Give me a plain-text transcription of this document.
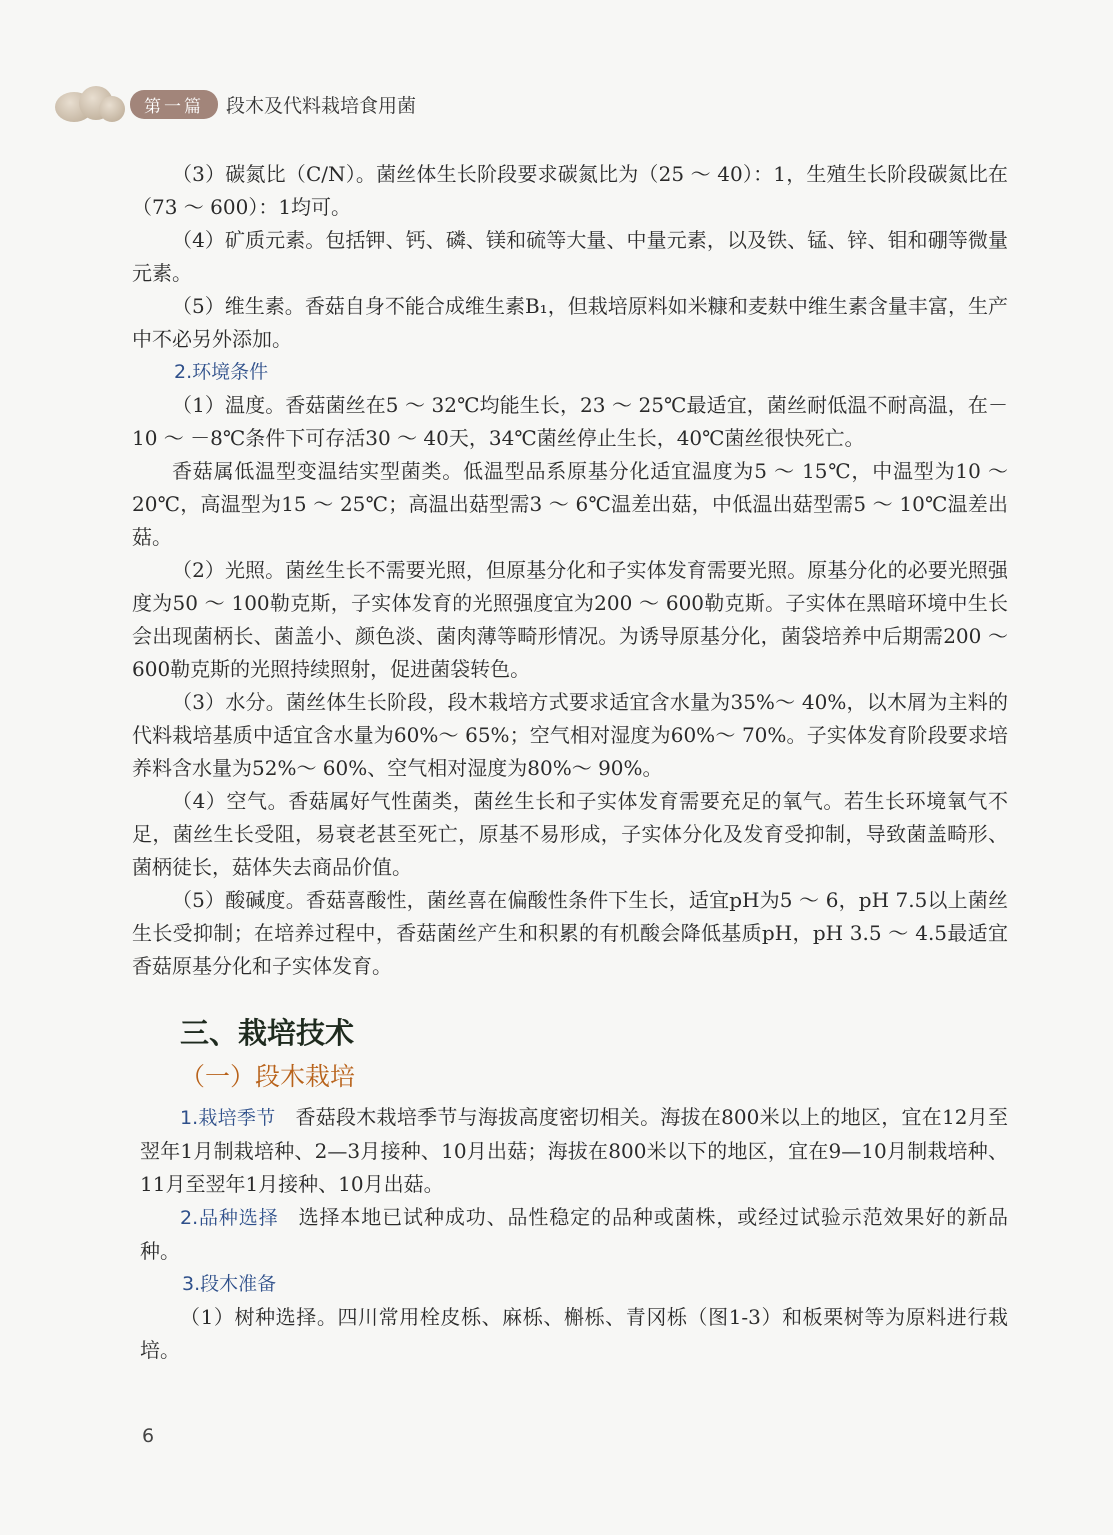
第一篇	段木及代料栽培食用菌

（3）碳氮比（C/N）。菌丝体生长阶段要求碳氮比为（25 ～ 40）：1，生殖生长阶段碳氮比在（73 ～ 600）：1均可。

（4）矿质元素。包括钾、钙、磷、镁和硫等大量、中量元素，以及铁、锰、锌、钼和硼等微量元素。

（5）维生素。香菇自身不能合成维生素B₁，但栽培原料如米糠和麦麸中维生素含量丰富，生产中不必另外添加。

2.环境条件

（1）温度。香菇菌丝在5 ～ 32℃均能生长，23 ～ 25℃最适宜，菌丝耐低温不耐高温，在－10 ～ －8℃条件下可存活30 ～ 40天，34℃菌丝停止生长，40℃菌丝很快死亡。

香菇属低温型变温结实型菌类。低温型品系原基分化适宜温度为5 ～ 15℃，中温型为10 ～ 20℃，高温型为15 ～ 25℃；高温出菇型需3 ～ 6℃温差出菇，中低温出菇型需5 ～ 10℃温差出菇。

（2）光照。菌丝生长不需要光照，但原基分化和子实体发育需要光照。原基分化的必要光照强度为50 ～ 100勒克斯，子实体发育的光照强度宜为200 ～ 600勒克斯。子实体在黑暗环境中生长会出现菌柄长、菌盖小、颜色淡、菌肉薄等畸形情况。为诱导原基分化，菌袋培养中后期需200 ～ 600勒克斯的光照持续照射，促进菌袋转色。

（3）水分。菌丝体生长阶段，段木栽培方式要求适宜含水量为35%～ 40%，以木屑为主料的代料栽培基质中适宜含水量为60%～ 65%；空气相对湿度为60%～ 70%。子实体发育阶段要求培养料含水量为52%～ 60%、空气相对湿度为80%～ 90%。

（4）空气。香菇属好气性菌类，菌丝生长和子实体发育需要充足的氧气。若生长环境氧气不足，菌丝生长受阻，易衰老甚至死亡，原基不易形成，子实体分化及发育受抑制，导致菌盖畸形、菌柄徒长，菇体失去商品价值。

（5）酸碱度。香菇喜酸性，菌丝喜在偏酸性条件下生长，适宜pH为5 ～ 6，pH 7.5以上菌丝生长受抑制；在培养过程中，香菇菌丝产生和积累的有机酸会降低基质pH，pH 3.5 ～ 4.5最适宜香菇原基分化和子实体发育。

三、栽培技术
（一）段木栽培

1.栽培季节 香菇段木栽培季节与海拔高度密切相关。海拔在800米以上的地区，宜在12月至翌年1月制栽培种、2—3月接种、10月出菇；海拔在800米以下的地区，宜在9—10月制栽培种、11月至翌年1月接种、10月出菇。

2.品种选择 选择本地已试种成功、品性稳定的品种或菌株，或经过试验示范效果好的新品种。

3.段木准备

（1）树种选择。四川常用栓皮栎、麻栎、槲栎、青冈栎（图1-3）和板栗树等为原料进行栽培。

6
